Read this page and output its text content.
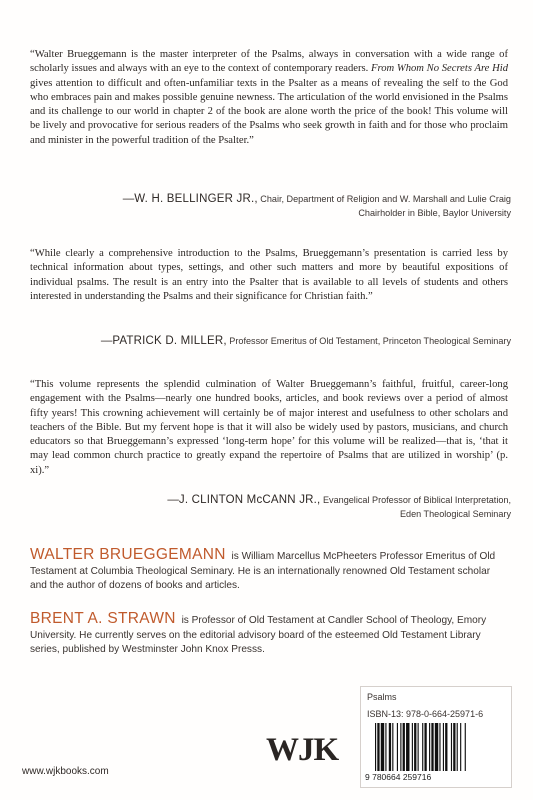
“Walter Brueggemann is the master interpreter of the Psalms, always in conversation with a wide range of scholarly issues and always with an eye to the context of contemporary readers. From Whom No Secrets Are Hid gives attention to difficult and often-unfamiliar texts in the Psalter as a means of revealing the self to the God who embraces pain and makes possible genuine newness. The articulation of the world envisioned in the Psalms and its challenge to our world in chapter 2 of the book are alone worth the price of the book! This volume will be lively and provocative for serious readers of the Psalms who seek growth in faith and for those who proclaim and minister in the powerful tradition of the Psalter.”

—W. H. BELLINGER JR., Chair, Department of Religion and W. Marshall and Lulie Craig
Chairholder in Bible, Baylor University

“While clearly a comprehensive introduction to the Psalms, Brueggemann’s presentation is carried less by technical information about types, settings, and other such matters and more by beautiful expositions of individual psalms. The result is an entry into the Psalter that is available to all levels of students and others interested in understanding the Psalms and their significance for Christian faith.”

—PATRICK D. MILLER, Professor Emeritus of Old Testament, Princeton Theological Seminary

“This volume represents the splendid culmination of Walter Brueggemann’s faithful, fruitful, career-long engagement with the Psalms—nearly one hundred books, articles, and book reviews over a period of almost fifty years! This crowning achievement will certainly be of major interest and usefulness to other scholars and teachers of the Bible. But my fervent hope is that it will also be widely used by pastors, musicians, and church educators so that Brueggemann’s expressed ‘long-term hope’ for this volume will be realized—that is, ‘that it may lead common church practice to greatly expand the repertoire of Psalms that are utilized in worship’ (p. xi).”

—J. CLINTON McCANN JR., Evangelical Professor of Biblical Interpretation,
Eden Theological Seminary

WALTER BRUEGGEMANN is William Marcellus McPheeters Professor Emeritus of Old Testament at Columbia Theological Seminary. He is an internationally renowned Old Testament scholar and the author of dozens of books and articles.

BRENT A. STRAWN is Professor of Old Testament at Candler School of Theology, Emory University. He currently serves on the editorial advisory board of the esteemed Old Testament Library series, published by Westminster John Knox Presss.

WJK
www.wjkbooks.com
Psalms
ISBN-13: 978-0-664-25971-6
9 780664 259716
